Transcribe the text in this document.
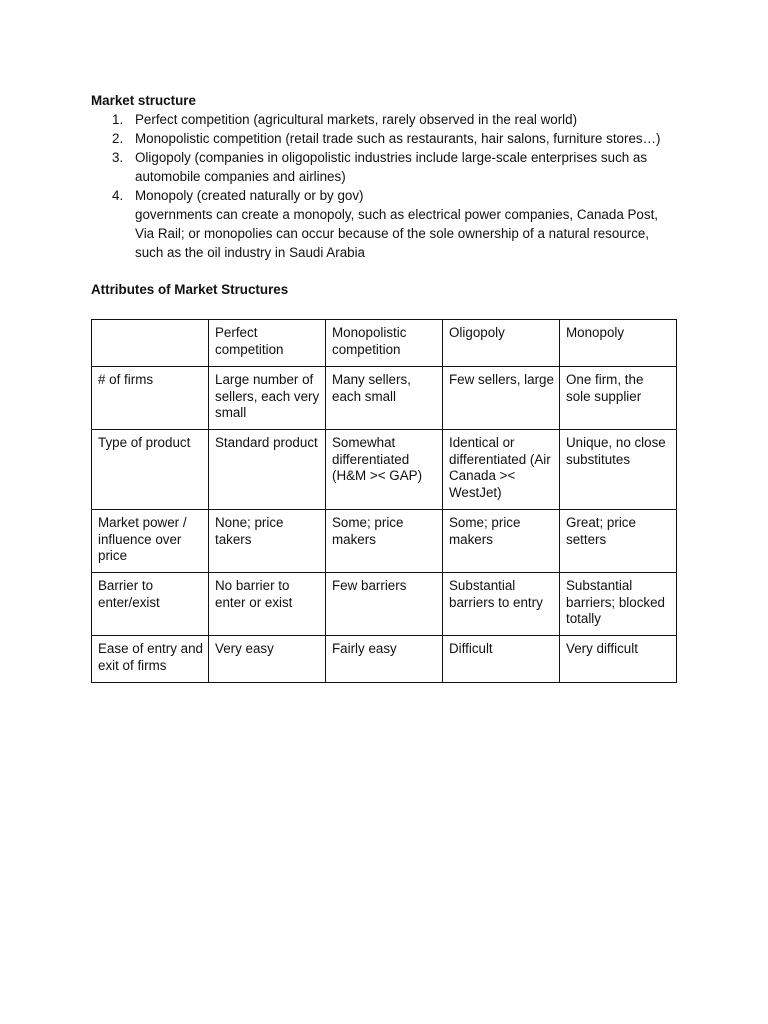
Market structure

1. Perfect competition (agricultural markets, rarely observed in the real world)
2. Monopolistic competition (retail trade such as restaurants, hair salons, furniture stores…)
3. Oligopoly (companies in oligopolistic industries include large-scale enterprises such as
automobile companies and airlines)
4. Monopoly (created naturally or by gov)
governments can create a monopoly, such as electrical power companies, Canada Post,
Via Rail; or monopolies can occur because of the sole ownership of a natural resource,
such as the oil industry in Saudi Arabia

Attributes of Market Structures

	Perfect competition	Monopolistic competition	Oligopoly	Monopoly
# of firms	Large number of sellers, each very small	Many sellers, each small	Few sellers, large	One firm, the sole supplier
Type of product	Standard product	Somewhat differentiated (H&M >< GAP)	Identical or differentiated (Air Canada >< WestJet)	Unique, no close substitutes
Market power / influence over price	None; price takers	Some; price makers	Some; price makers	Great; price setters
Barrier to enter/exist	No barrier to enter or exist	Few barriers	Substantial barriers to entry	Substantial barriers; blocked totally
Ease of entry and exit of firms	Very easy	Fairly easy	Difficult	Very difficult
